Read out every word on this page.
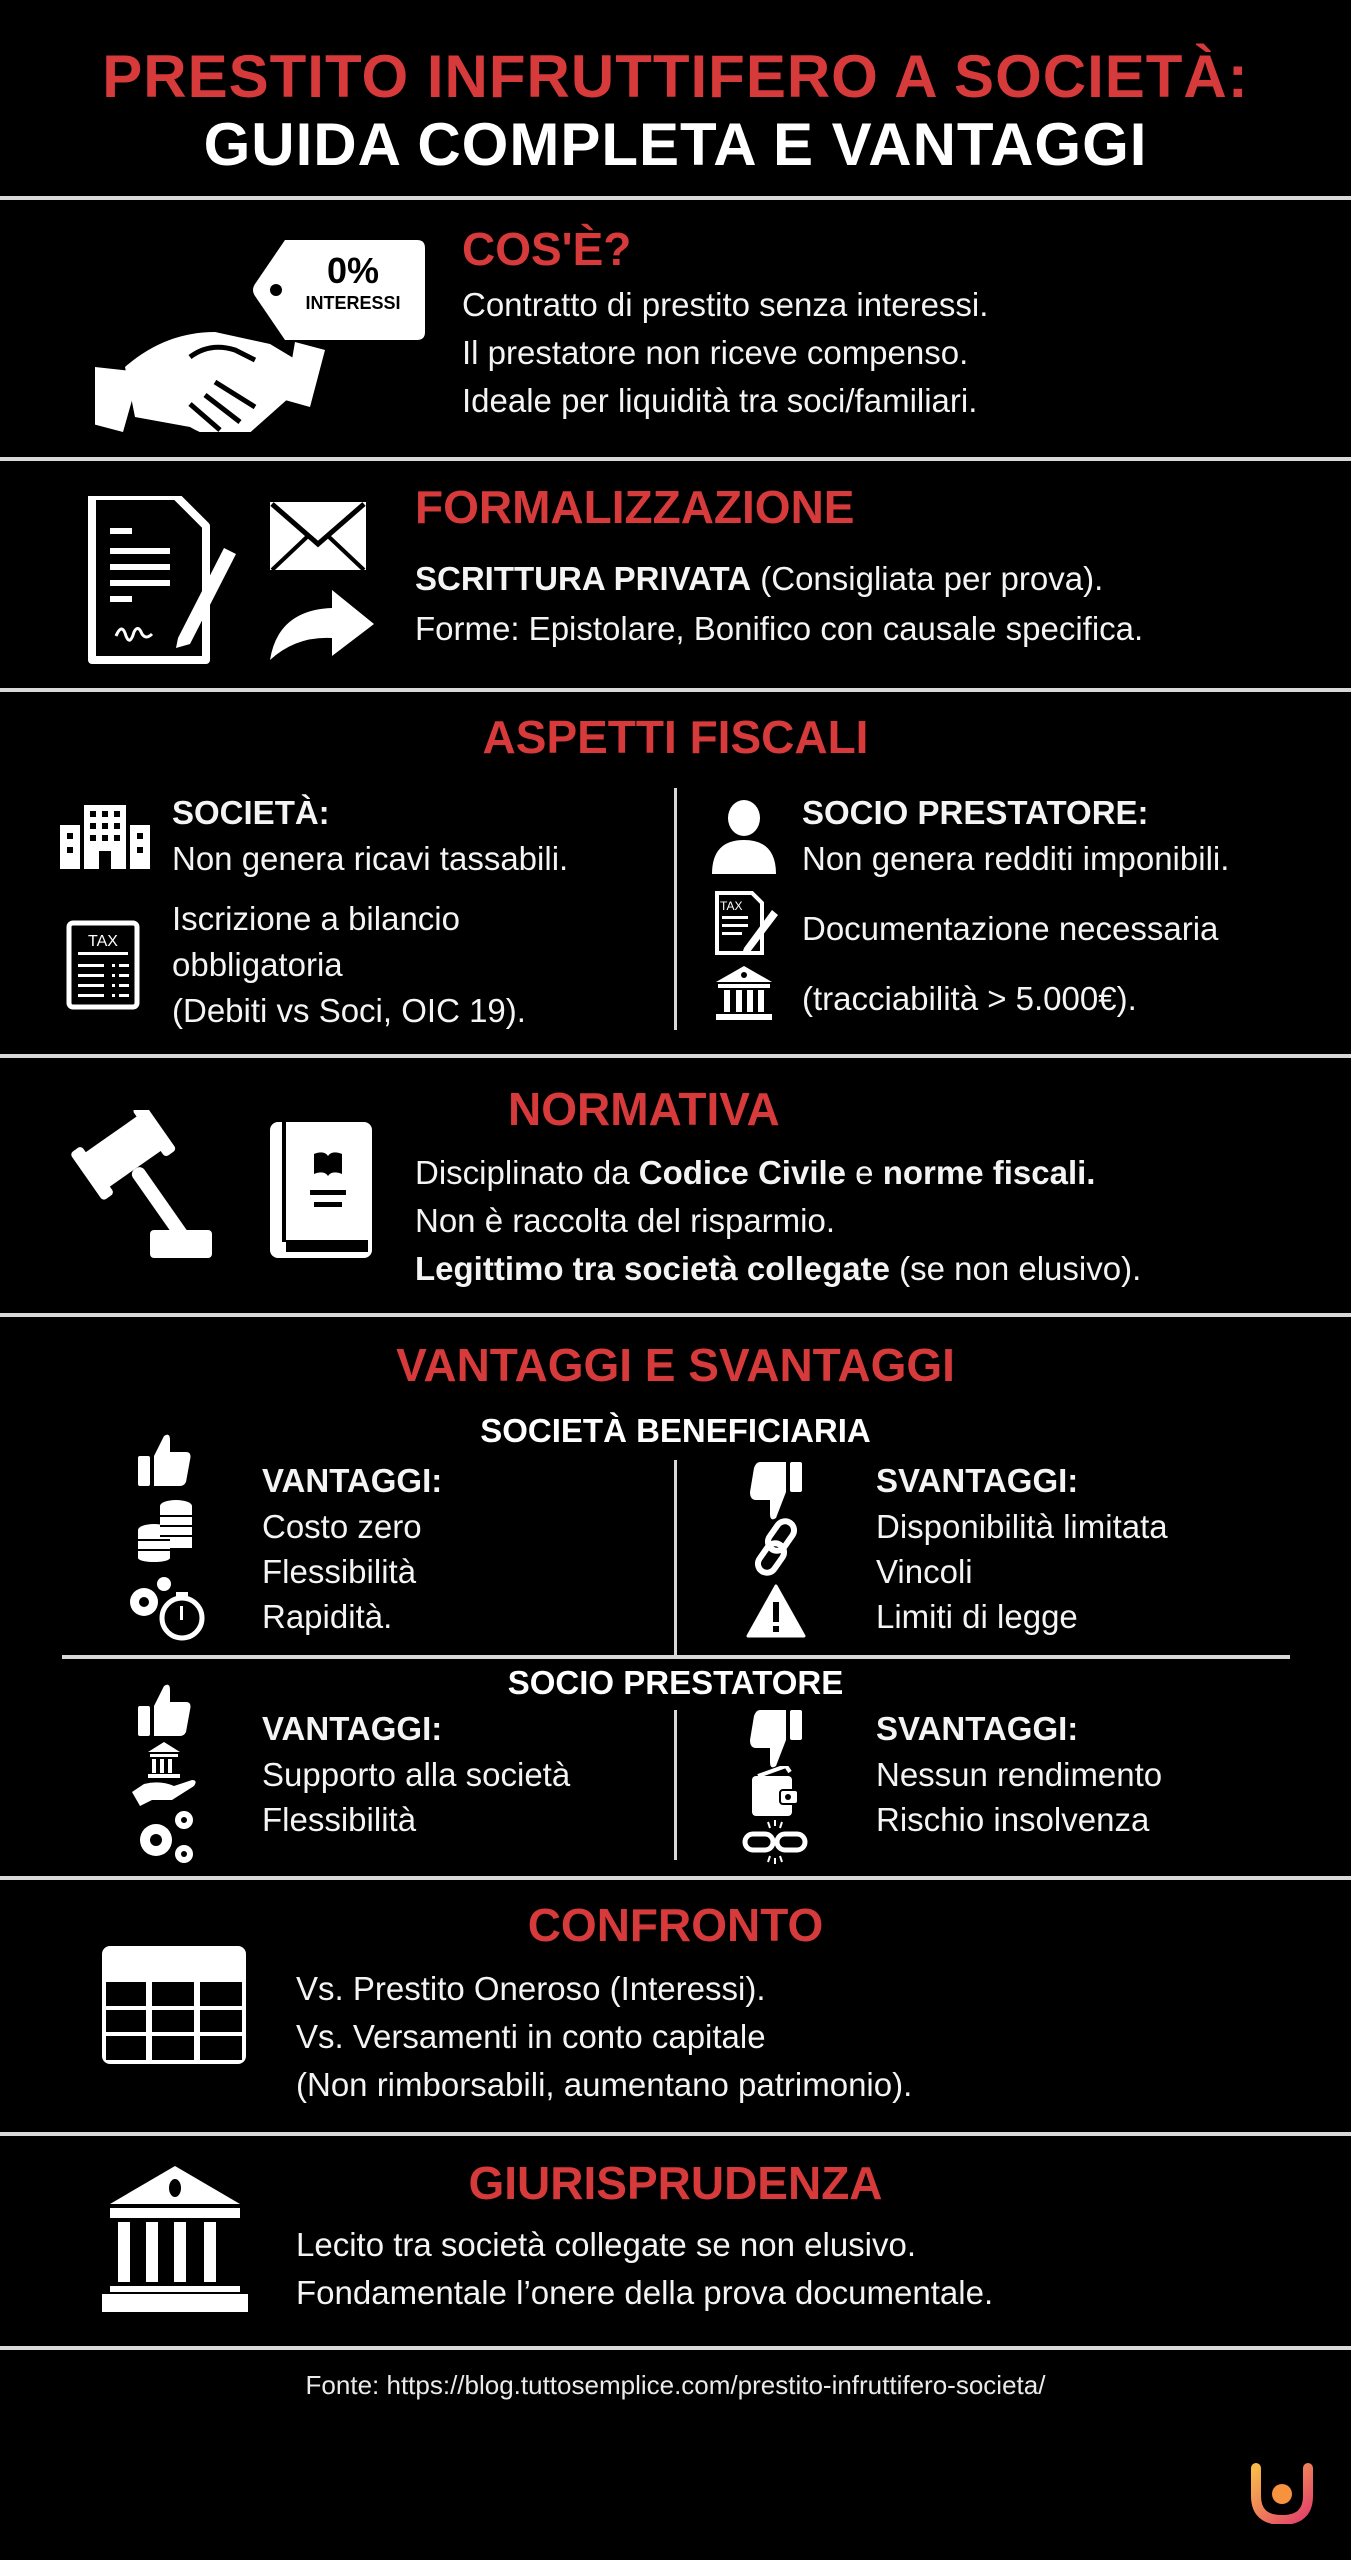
PRESTITO INFRUTTIFERO A SOCIETÀ:
GUIDA COMPLETA E VANTAGGI
0%
INTERESSI
COS'È?
Contratto di prestito senza interessi.
Il prestatore non riceve compenso.
Ideale per liquidità tra soci/familiari.
FORMALIZZAZIONE
SCRITTURA PRIVATA (Consigliata per prova).
Forme: Epistolare, Bonifico con causale specifica.
ASPETTI FISCALI
SOCIETÀ:
Non genera ricavi tassabili.
TAX
Iscrizione a bilancio
obbligatoria
(Debiti vs Soci, OIC 19).
SOCIO PRESTATORE:
Non genera redditi imponibili.
TAX
Documentazione necessaria
(tracciabilità > 5.000€).
NORMATIVA
Disciplinato da Codice Civile e norme fiscali.
Non è raccolta del risparmio.
Legittimo tra società collegate (se non elusivo).
VANTAGGI E SVANTAGGI
SOCIETÀ BENEFICIARIA
VANTAGGI:
Costo zero
Flessibilità
Rapidità.
SVANTAGGI:
Disponibilità limitata
Vincoli
Limiti di legge
SOCIO PRESTATORE
VANTAGGI:
Supporto alla società
Flessibilità
SVANTAGGI:
Nessun rendimento
Rischio insolvenza
CONFRONTO
Vs. Prestito Oneroso (Interessi).
Vs. Versamenti in conto capitale
(Non rimborsabili, aumentano patrimonio).
GIURISPRUDENZA
Lecito tra società collegate se non elusivo.
Fondamentale l’onere della prova documentale.
Fonte: https://blog.tuttosemplice.com/prestito-infruttifero-societa/
